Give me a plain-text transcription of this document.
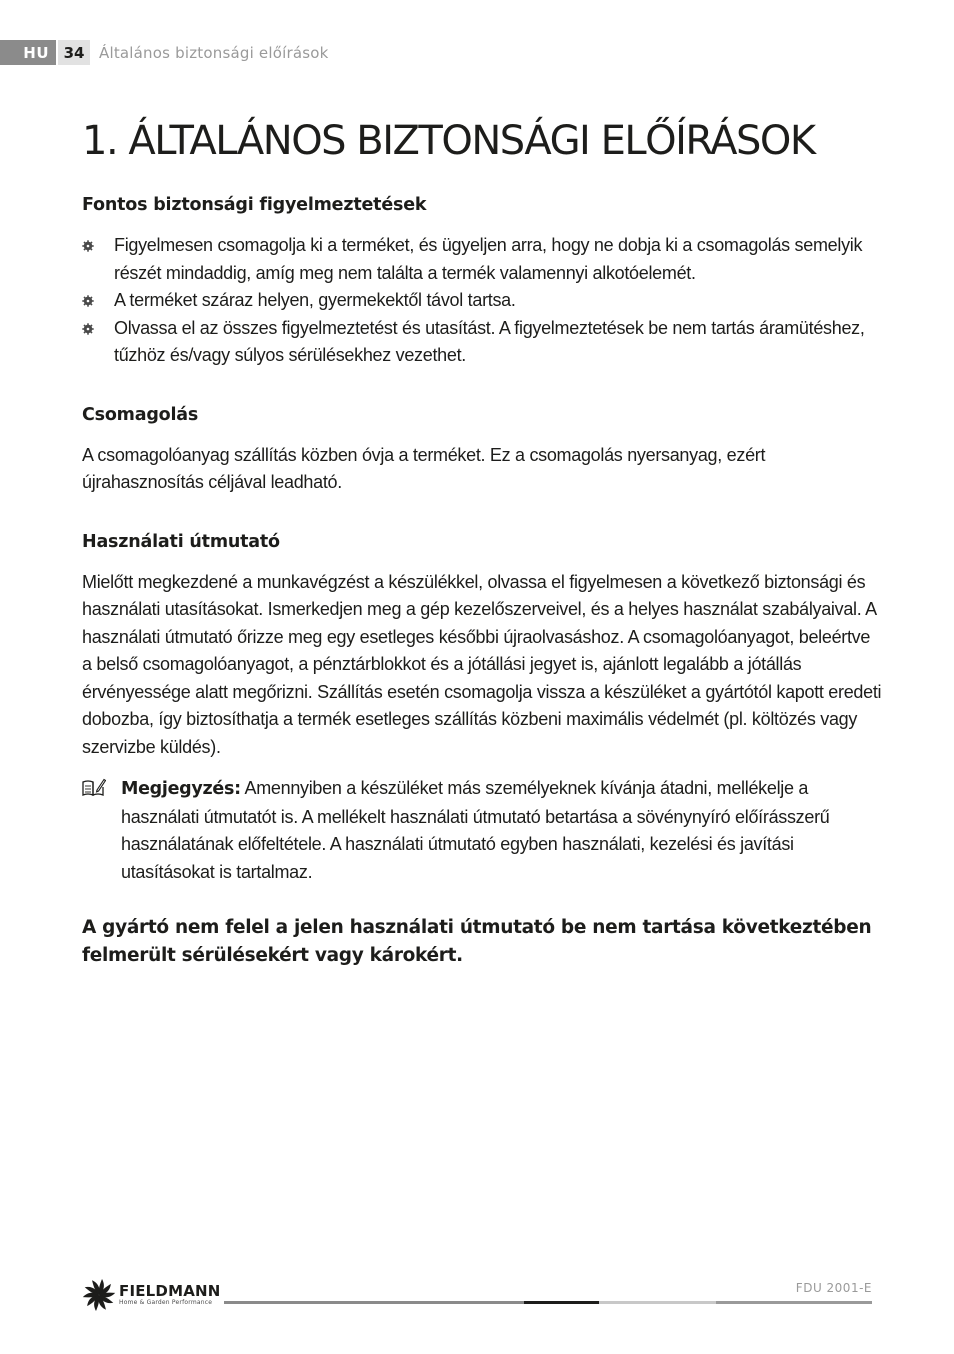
HU 34 Általános biztonsági előírások
1. ÁLTALÁNOS BIZTONSÁGI ELŐÍRÁSOK
Fontos biztonsági figyelmeztetések
Figyelmesen csomagolja ki a terméket, és ügyeljen arra, hogy ne dobja ki a csomagolás semelyik részét mindaddig, amíg meg nem találta a termék valamennyi alkotóelemét.
A terméket száraz helyen, gyermekektől távol tartsa.
Olvassa el az összes figyelmeztetést és utasítást. A figyelmeztetések be nem tartás áramütéshez, tűzhöz és/vagy súlyos sérülésekhez vezethet.
Csomagolás

A csomagolóanyag szállítás közben óvja a terméket. Ez a csomagolás nyersanyag, ezért újrahasznosítás céljával leadható.

Használati útmutató

Mielőtt megkezdené a munkavégzést a készülékkel, olvassa el figyelmesen a következő biztonsági és használati utasításokat. Ismerkedjen meg a gép kezelőszerveivel, és a helyes használat szabályaival. A használati útmutató őrizze meg egy esetleges későbbi újraolvasáshoz. A csomagolóanyagot, beleértve a belső csomagolóanyagot, a pénztárblokkot és a jótállási jegyet is, ajánlott legalább a jótállás érvényessége alatt megőrizni. Szállítás esetén csomagolja vissza a készüléket a gyártótól kapott eredeti dobozba, így biztosíthatja a termék esetleges szállítás közbeni maximális védelmét (pl. költözés vagy szervizbe küldés).

Megjegyzés: Amennyiben a készüléket más személyeknek kívánja átadni, mellékelje a használati útmutatót is. A mellékelt használati útmutató betartása a sövénynyíró előírásszerű használatának előfeltétele. A használati útmutató egyben használati, kezelési és javítási utasításokat is tartalmaz.

A gyártó nem felel a jelen használati útmutató be nem tartása következtében felmerült sérülésekért vagy károkért.

FIELDMANN
Home & Garden Performance
FDU 2001-E
